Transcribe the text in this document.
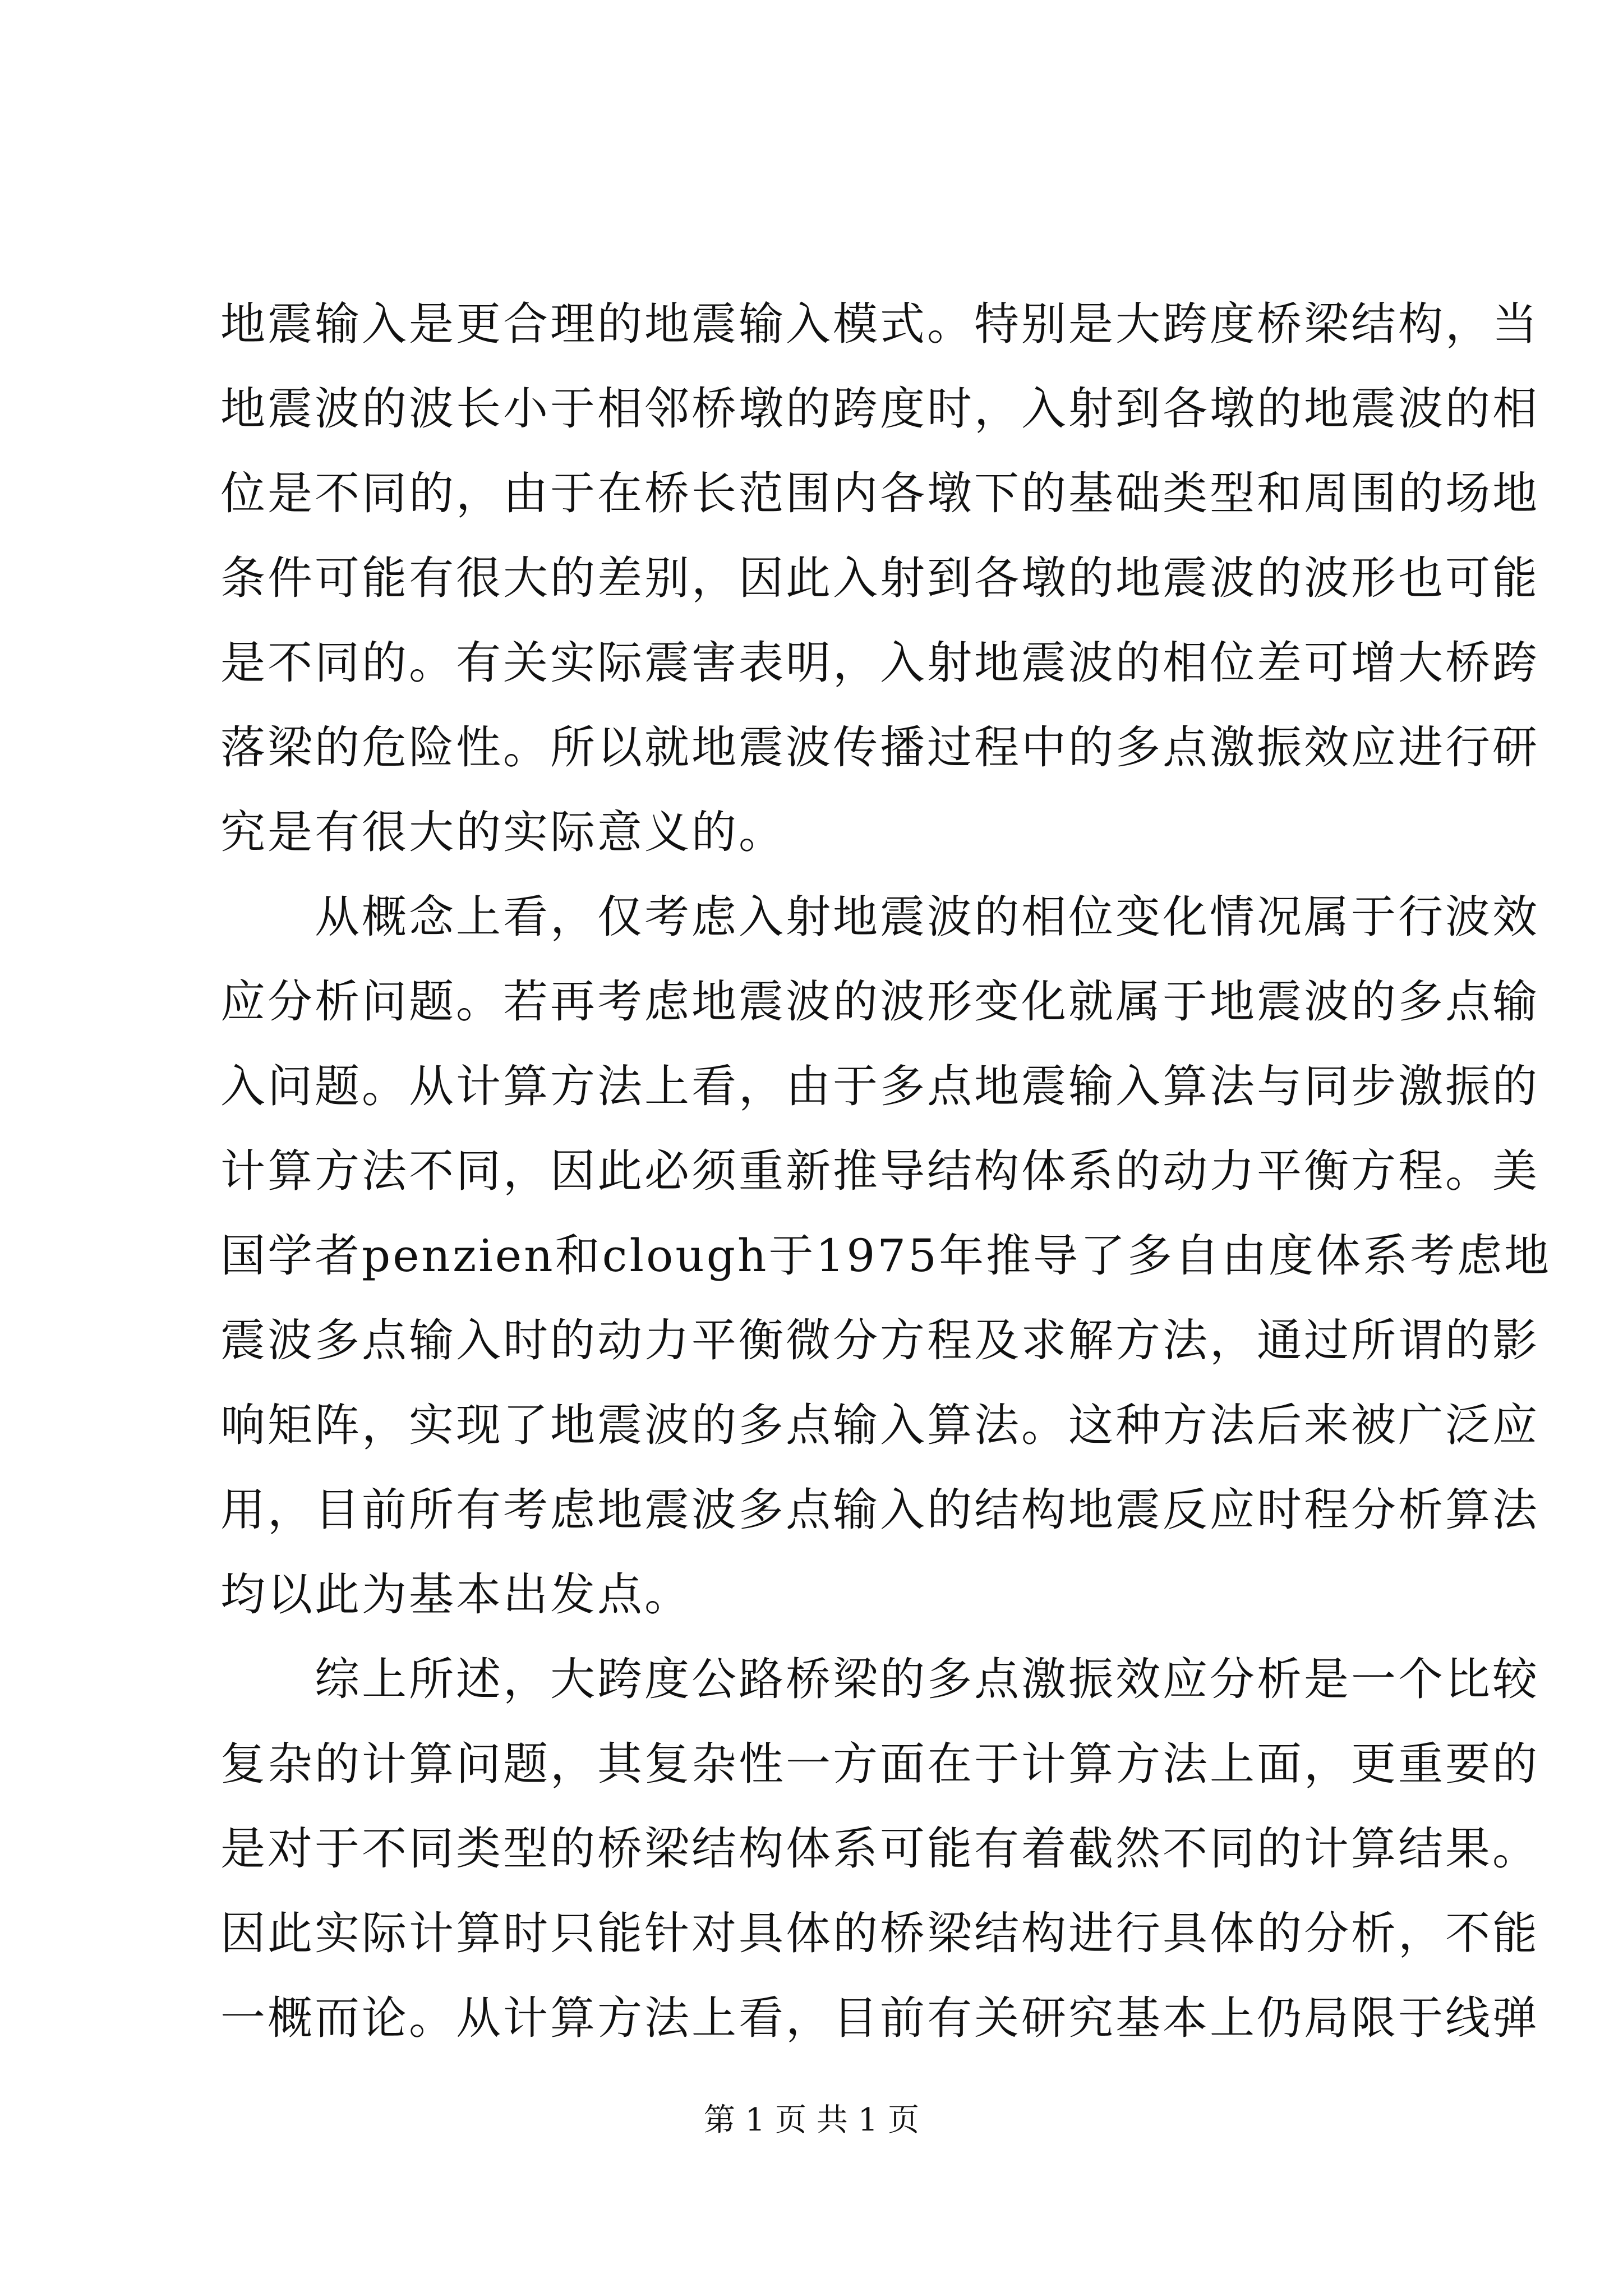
地震输入是更合理的地震输入模式。特别是大跨度桥梁结构，当
地震波的波长小于相邻桥墩的跨度时，入射到各墩的地震波的相
位是不同的，由于在桥长范围内各墩下的基础类型和周围的场地
条件可能有很大的差别，因此入射到各墩的地震波的波形也可能
是不同的。有关实际震害表明，入射地震波的相位差可增大桥跨
落梁的危险性。所以就地震波传播过程中的多点激振效应进行研
究是有很大的实际意义的。
　　从概念上看，仅考虑入射地震波的相位变化情况属于行波效
应分析问题。若再考虑地震波的波形变化就属于地震波的多点输
入问题。从计算方法上看，由于多点地震输入算法与同步激振的
计算方法不同，因此必须重新推导结构体系的动力平衡方程。美
国学者penzien和clough于1975年推导了多自由度体系考虑地
震波多点输入时的动力平衡微分方程及求解方法，通过所谓的影
响矩阵，实现了地震波的多点输入算法。这种方法后来被广泛应
用，目前所有考虑地震波多点输入的结构地震反应时程分析算法
均以此为基本出发点。
　　综上所述，大跨度公路桥梁的多点激振效应分析是一个比较
复杂的计算问题，其复杂性一方面在于计算方法上面，更重要的
是对于不同类型的桥梁结构体系可能有着截然不同的计算结果。
因此实际计算时只能针对具体的桥梁结构进行具体的分析，不能
一概而论。从计算方法上看，目前有关研究基本上仍局限于线弹
第 1 页 共 1 页
